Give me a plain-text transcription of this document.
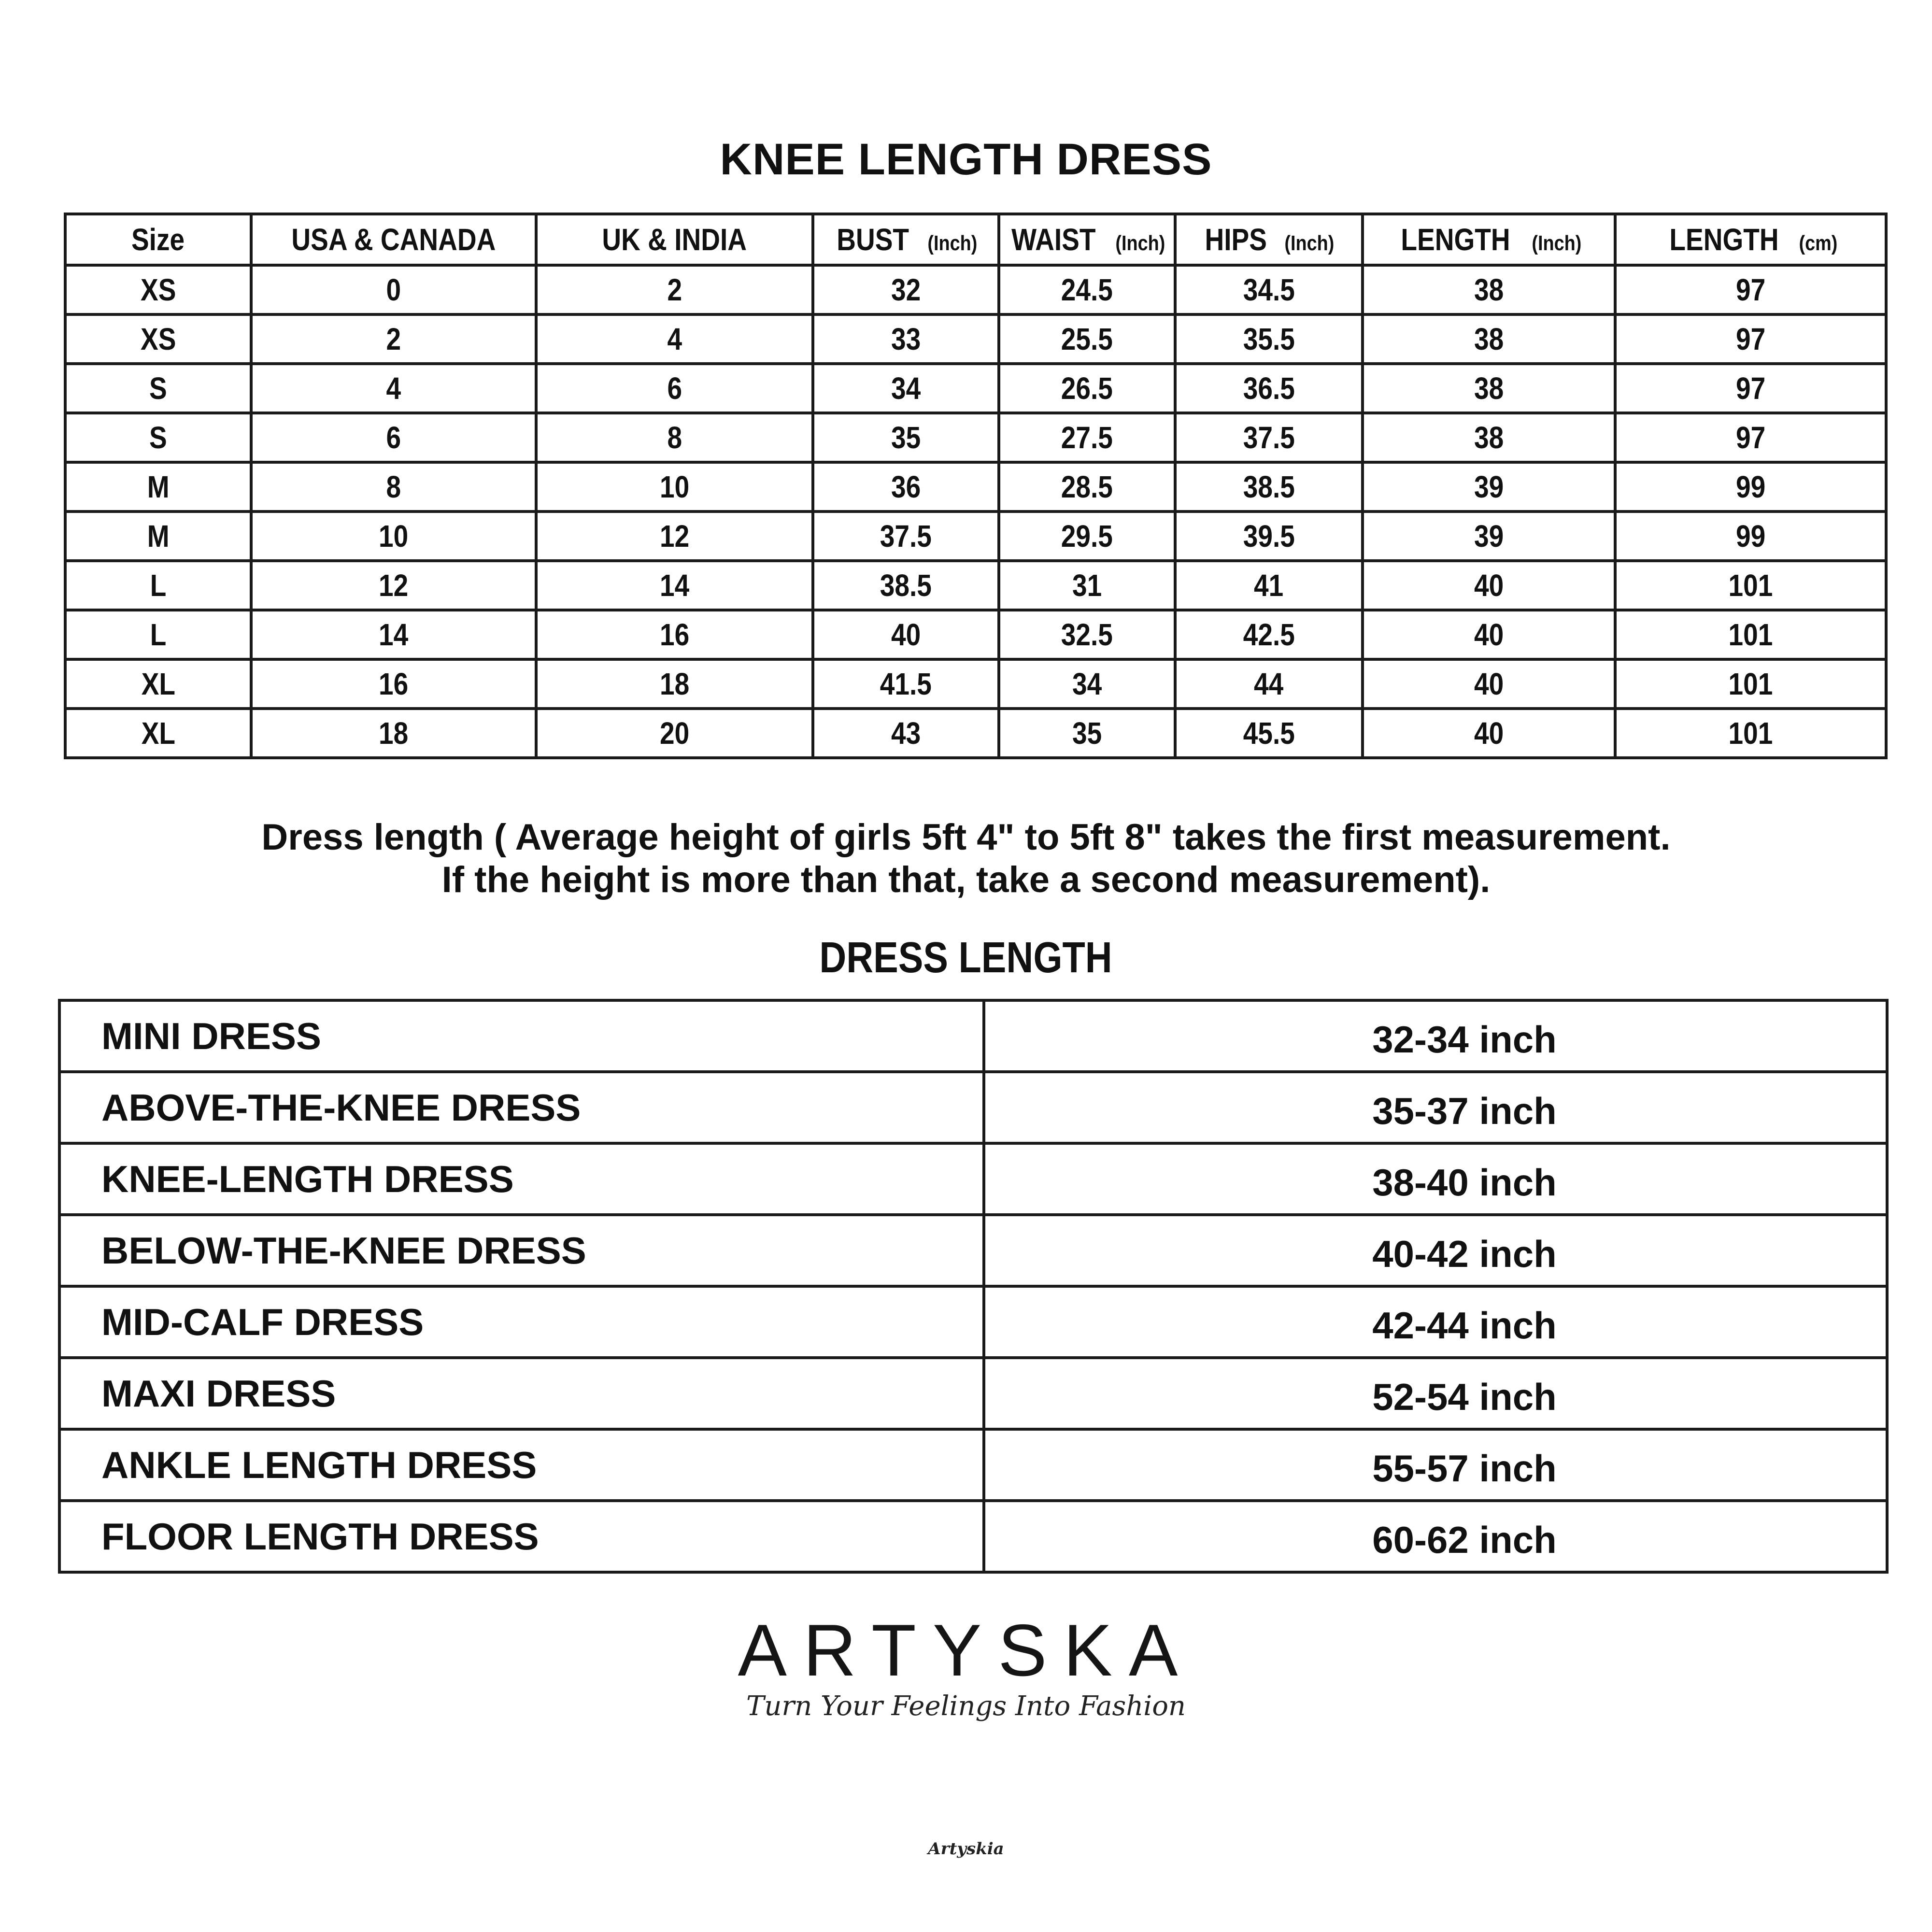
KNEE LENGTH DRESS
Size	USA & CANADA	UK & INDIA	BUST (Inch)	WAIST (Inch)	HIPS (Inch)	LENGTH (Inch)	LENGTH (cm)
XS	0	2	32	24.5	34.5	38	97
XS	2	4	33	25.5	35.5	38	97
S	4	6	34	26.5	36.5	38	97
S	6	8	35	27.5	37.5	38	97
M	8	10	36	28.5	38.5	39	99
M	10	12	37.5	29.5	39.5	39	99
L	12	14	38.5	31	41	40	101
L	14	16	40	32.5	42.5	40	101
XL	16	18	41.5	34	44	40	101
XL	18	20	43	35	45.5	40	101
Dress length ( Average height of girls 5ft 4" to 5ft 8" takes the first measurement.
If the height is more than that, take a second measurement).
DRESS LENGTH
MINI DRESS	32-34 inch
ABOVE-THE-KNEE DRESS	35-37 inch
KNEE-LENGTH DRESS	38-40 inch
BELOW-THE-KNEE DRESS	40-42 inch
MID-CALF DRESS	42-44 inch
MAXI DRESS	52-54 inch
ANKLE LENGTH DRESS	55-57 inch
FLOOR LENGTH DRESS	60-62 inch
ARTYSKA
Turn Your Feelings Into Fashion
Artyskia
